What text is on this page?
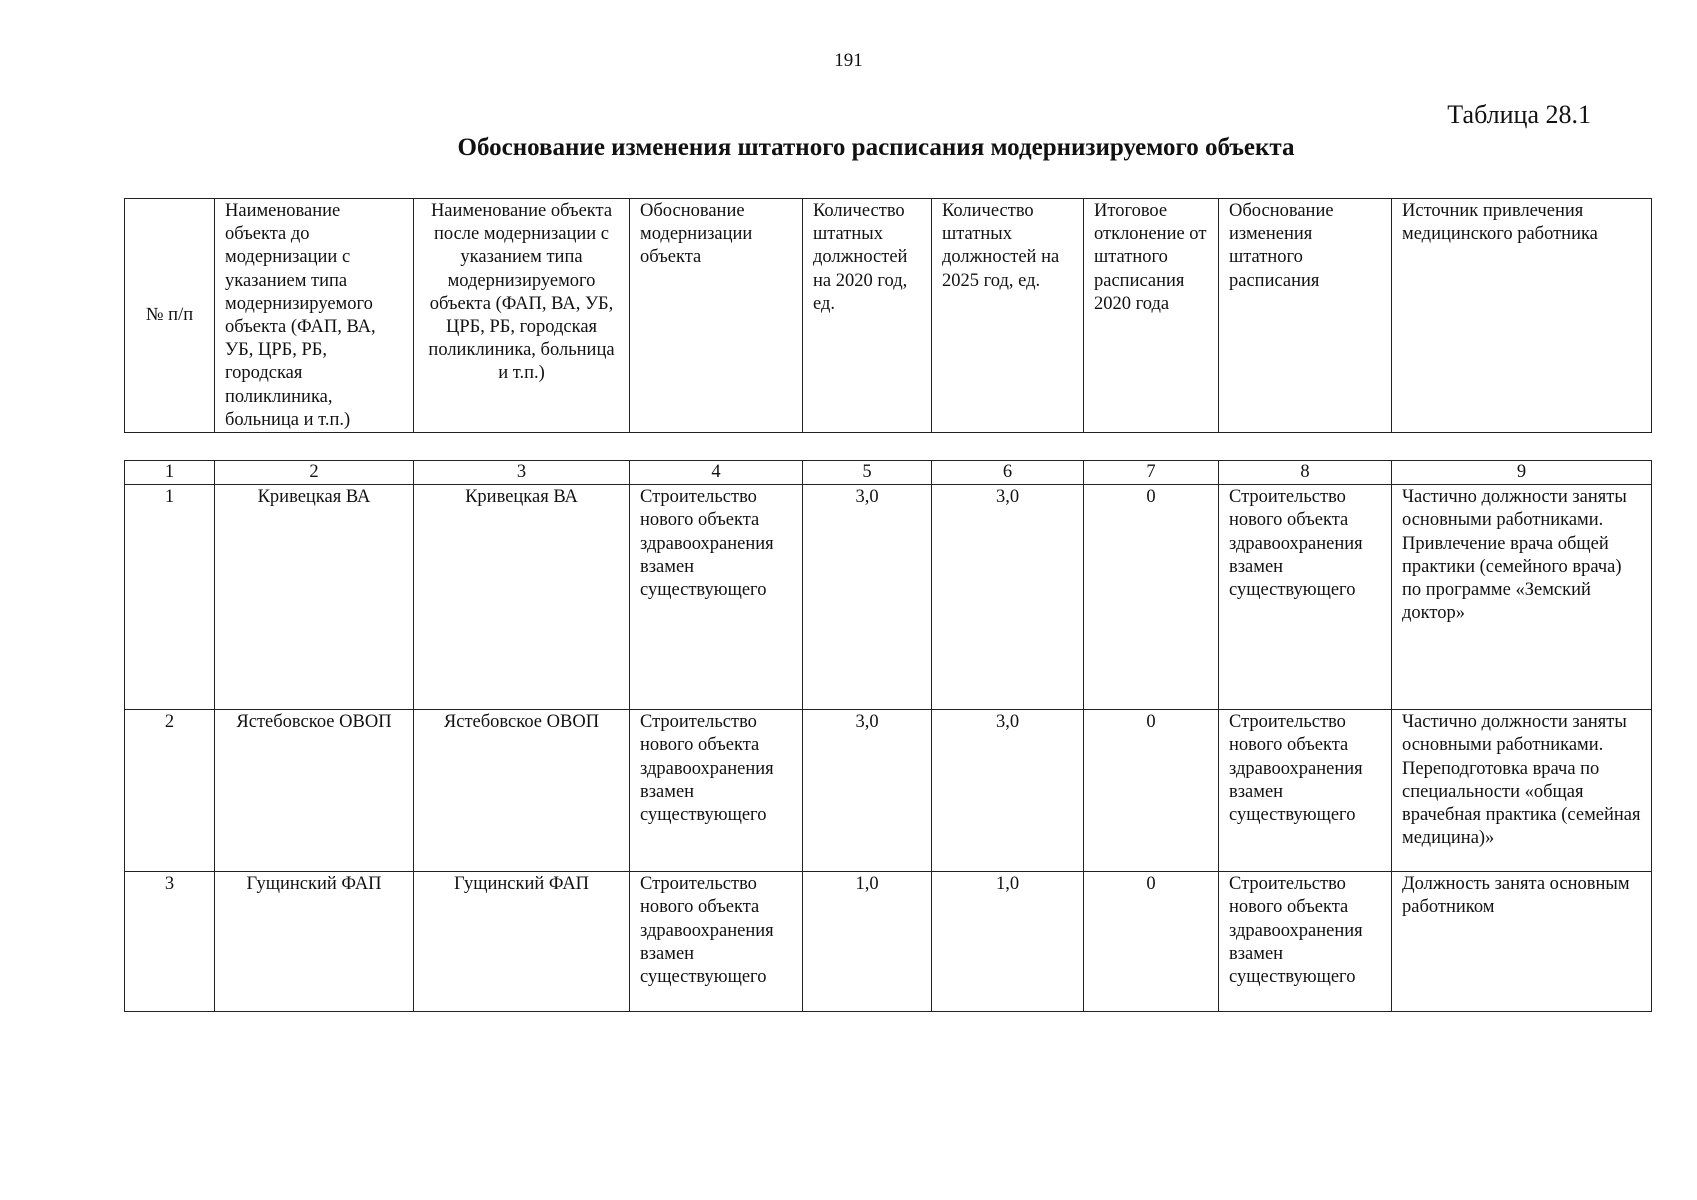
191
Таблица 28.1
Обоснование изменения штатного расписания модернизируемого объекта
№ п/п	Наименование объекта до модернизации с указанием типа модернизируемого объекта (ФАП, ВА, УБ, ЦРБ, РБ, городская поликлиника, больница и т.п.)	Наименование объекта после модернизации с указанием типа модернизируемого объекта (ФАП, ВА, УБ, ЦРБ, РБ, городская поликлиника, больница и т.п.)	Обоснование модернизации объекта	Количество штатных должностей на 2020 год, ед.	Количество штатных должностей на 2025 год, ед.	Итоговое отклонение от штатного расписания 2020 года	Обоснование изменения штатного расписания	Источник привлечения медицинского работника
1	2	3	4	5	6	7	8	9
1	Кривецкая ВА	Кривецкая ВА	Строительство нового объекта здравоохранения взамен существующего	3,0	3,0	0	Строительство нового объекта здравоохранения взамен существующего	Частично должности заняты основными работниками. Привлечение врача общей практики (семейного врача) по программе «Земский доктор»
2	Ястебовское ОВОП	Ястебовское ОВОП	Строительство нового объекта здравоохранения взамен существующего	3,0	3,0	0	Строительство нового объекта здравоохранения взамен существующего	Частично должности заняты основными работниками. Переподготовка врача по специальности «общая врачебная практика (семейная медицина)»
3	Гущинский ФАП	Гущинский ФАП	Строительство нового объекта здравоохранения взамен существующего	1,0	1,0	0	Строительство нового объекта здравоохранения взамен существующего	Должность занята основным работником
